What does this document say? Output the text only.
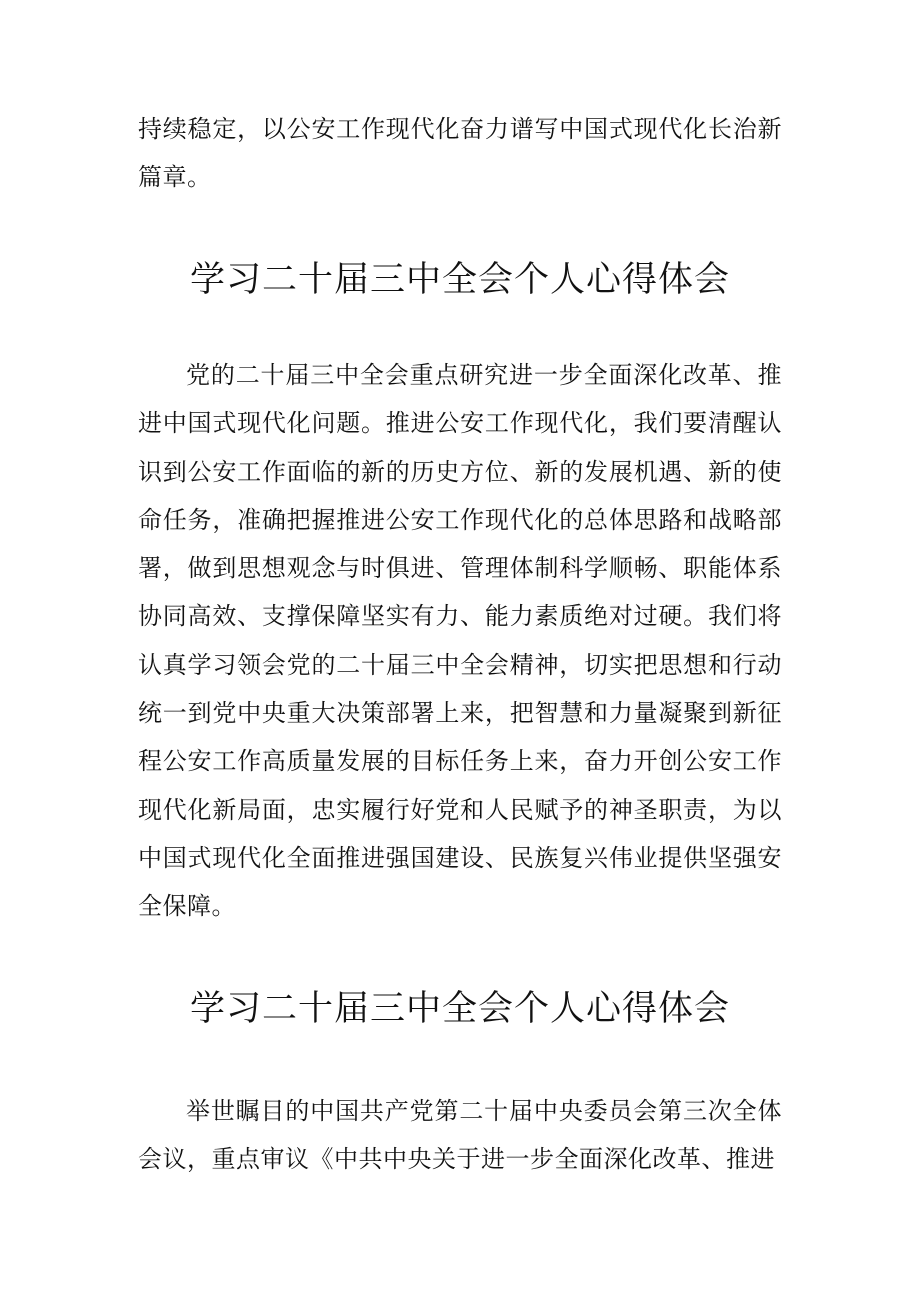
持续稳定，以公安工作现代化奋力谱写中国式现代化长治新篇章。
学习二十届三中全会个人心得体会
党的二十届三中全会重点研究进一步全面深化改革、推进中国式现代化问题。推进公安工作现代化，我们要清醒认识到公安工作面临的新的历史方位、新的发展机遇、新的使命任务，准确把握推进公安工作现代化的总体思路和战略部署，做到思想观念与时俱进、管理体制科学顺畅、职能体系协同高效、支撑保障坚实有力、能力素质绝对过硬。我们将认真学习领会党的二十届三中全会精神，切实把思想和行动统一到党中央重大决策部署上来，把智慧和力量凝聚到新征程公安工作高质量发展的目标任务上来，奋力开创公安工作现代化新局面，忠实履行好党和人民赋予的神圣职责，为以中国式现代化全面推进强国建设、民族复兴伟业提供坚强安全保障。
学习二十届三中全会个人心得体会
举世瞩目的中国共产党第二十届中央委员会第三次全体会议，重点审议《中共中央关于进一步全面深化改革、推进
